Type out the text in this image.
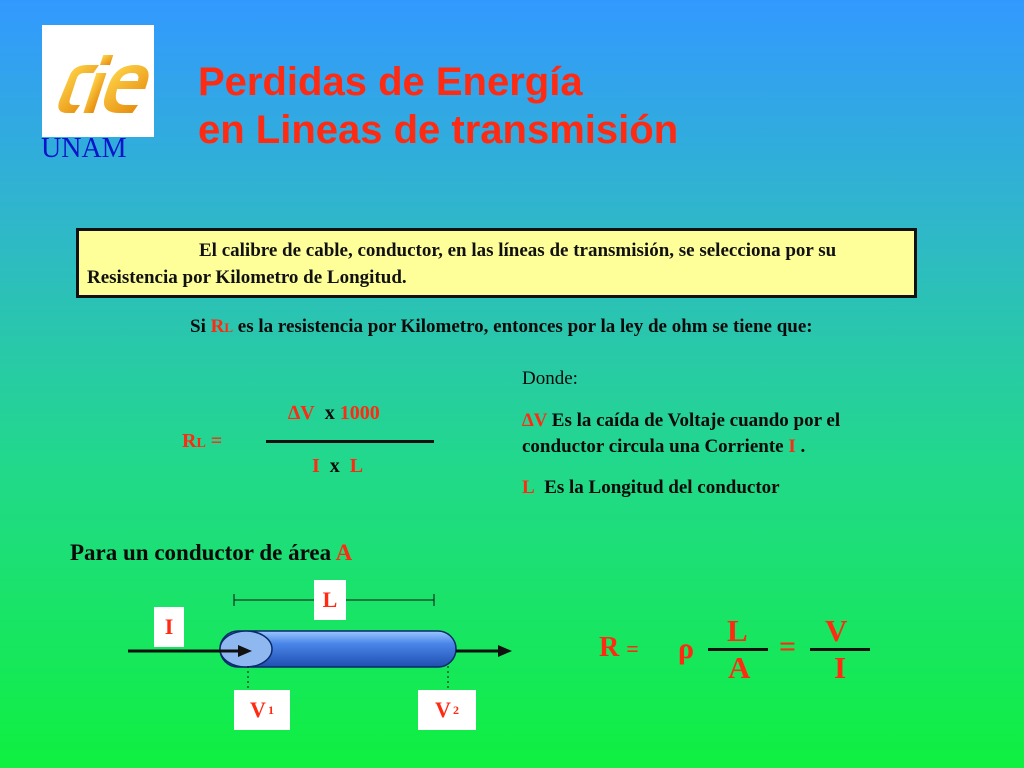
UNAM
Perdidas de Energía
en Lineas de transmisión

El calibre de cable, conductor, en las líneas de transmisión, se selecciona por su Resistencia por Kilometro de Longitud.

Si RL es la resistencia por Kilometro, entonces por la ley de ohm se tiene que:
RL =
∆V x 1000
I x L
Donde:
∆V Es la caída de Voltaje cuando por el conductor circula una Corriente I .
L Es la Longitud del conductor
Para un conductor de área A
L
I
V 1	V 2
R = ρ
L
A
= V
I
